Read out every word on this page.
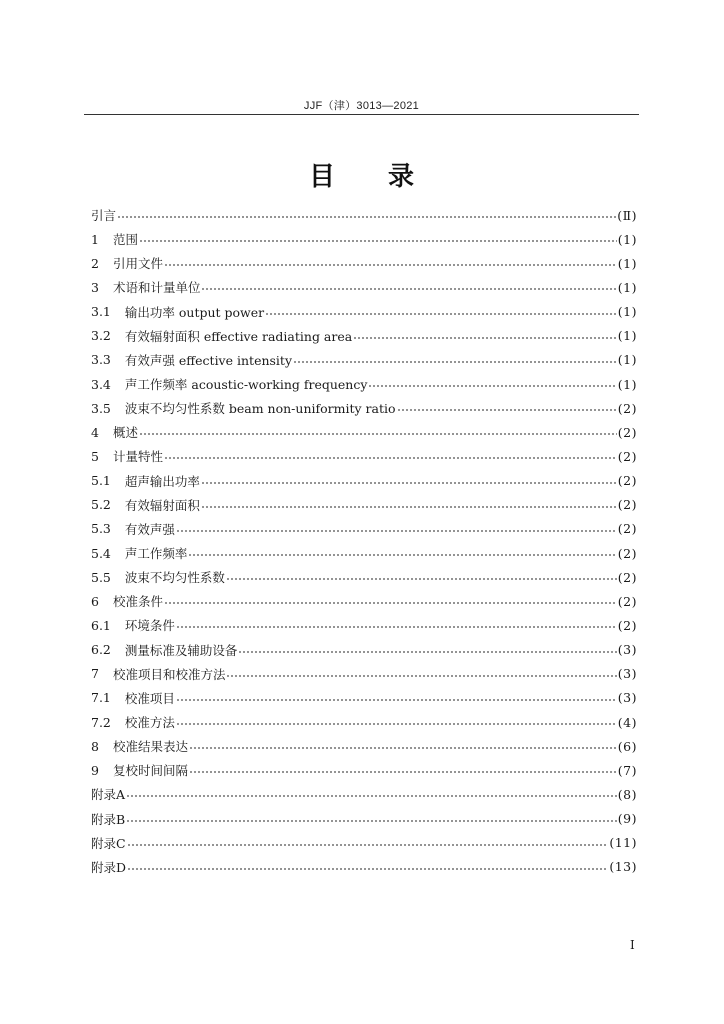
JJF（津）3013—2021
目 录
引言	(Ⅱ)
1 范围	(1)
2 引用文件	(1)
3 术语和计量单位	(1)
3.1 输出功率 output power	(1)
3.2 有效辐射面积 effective radiating area	(1)
3.3 有效声强 effective intensity	(1)
3.4 声工作频率 acoustic-working frequency	(1)
3.5 波束不均匀性系数 beam non-uniformity ratio	(2)
4 概述	(2)
5 计量特性	(2)
5.1 超声输出功率	(2)
5.2 有效辐射面积	(2)
5.3 有效声强	(2)
5.4 声工作频率	(2)
5.5 波束不均匀性系数	(2)
6 校准条件	(2)
6.1 环境条件	(2)
6.2 测量标准及辅助设备	(3)
7 校准项目和校准方法	(3)
7.1 校准项目	(3)
7.2 校准方法	(4)
8 校准结果表达	(6)
9 复校时间间隔	(7)
附录A	(8)
附录B	(9)
附录C	(11)
附录D	(13)
I
